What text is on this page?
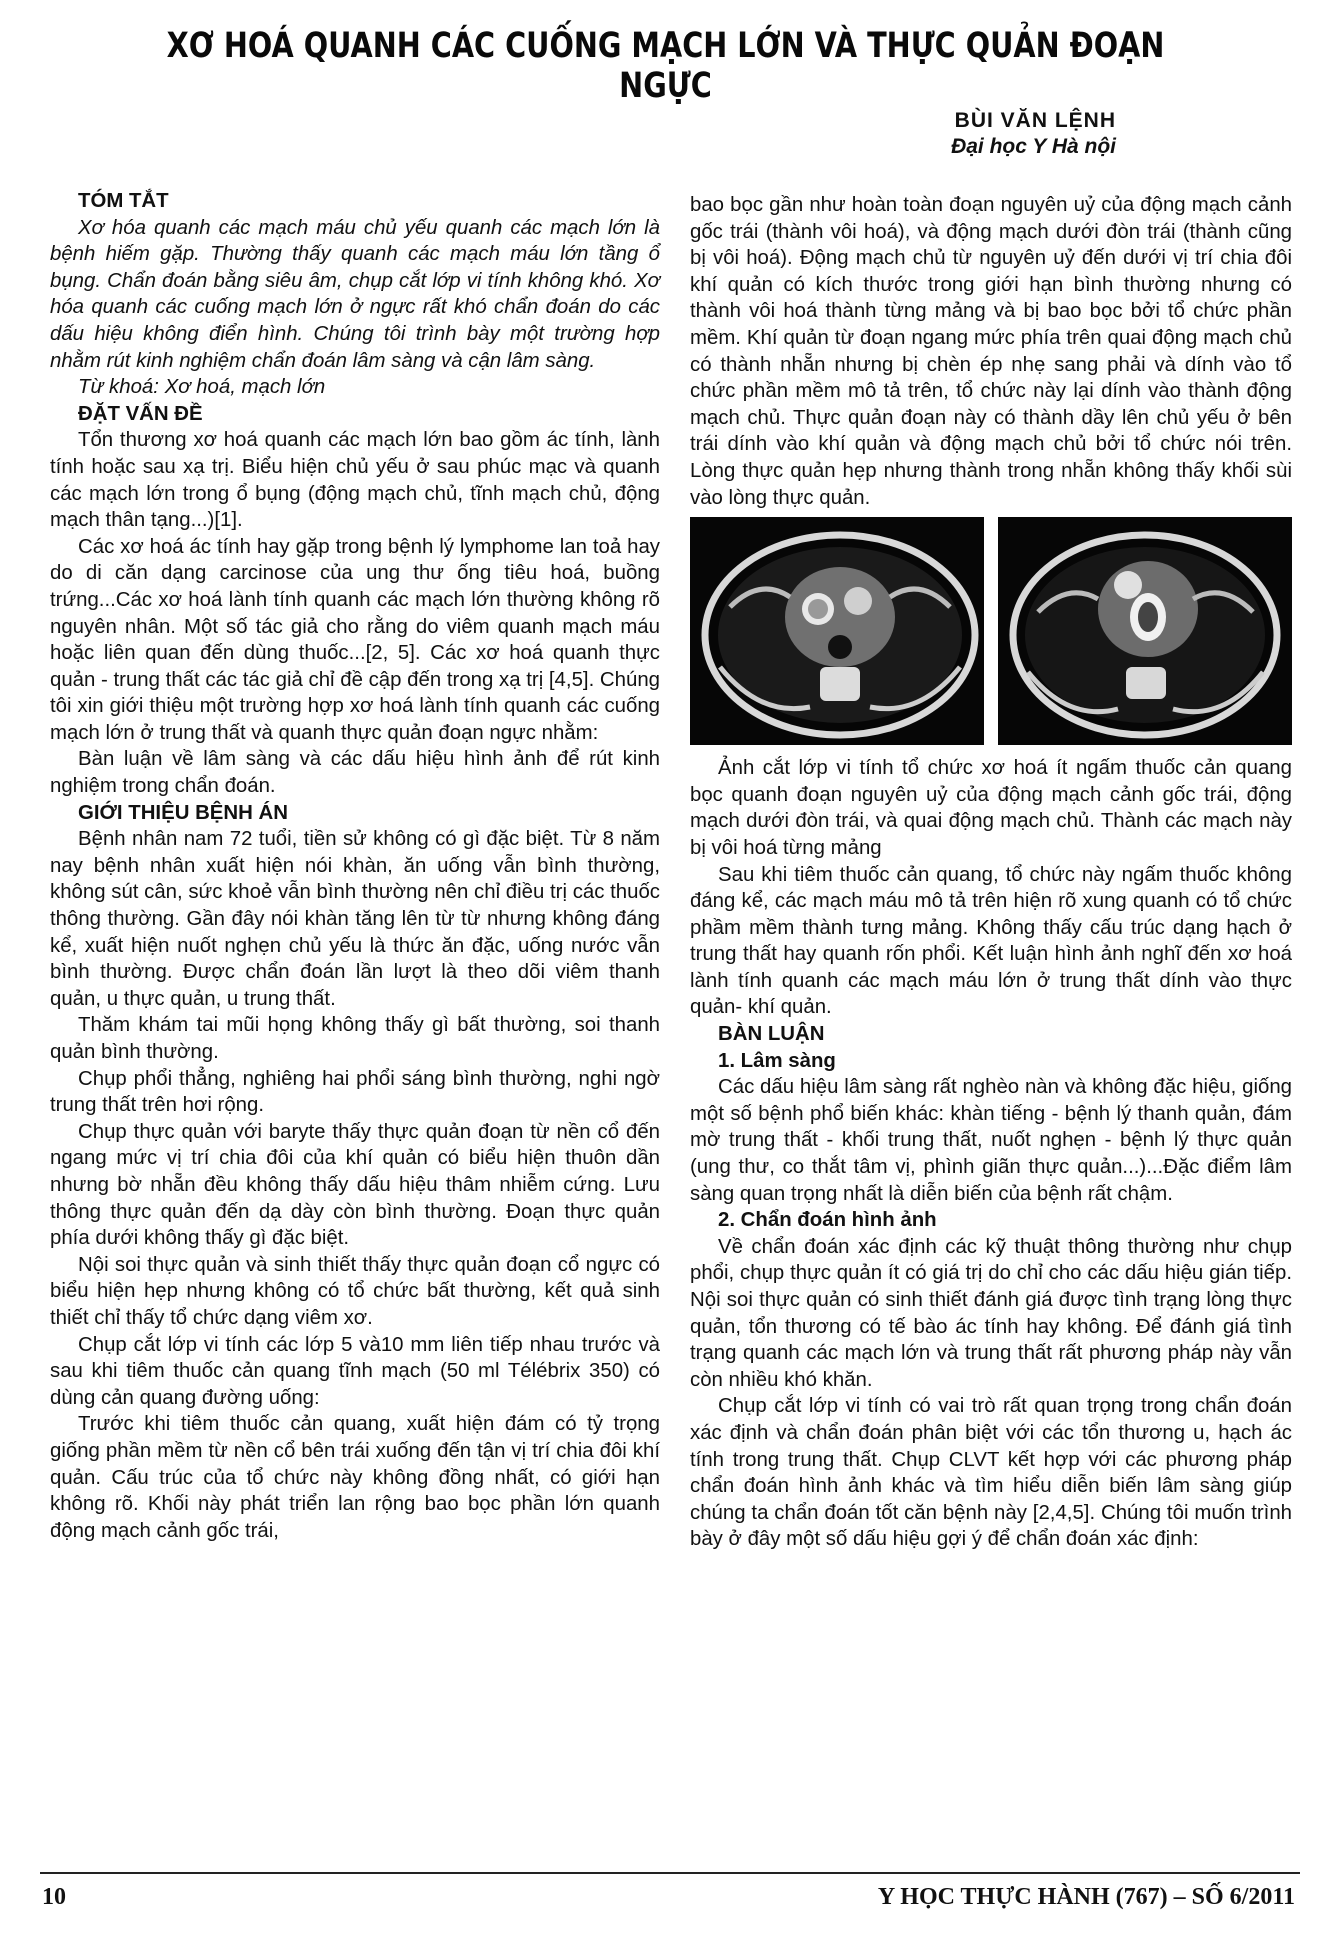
XƠ HOÁ QUANH CÁC CUỐNG MẠCH LỚN VÀ THỰC QUẢN ĐOẠN NGỰC
BÙI VĂN LỆNH
Đại học Y Hà nội

TÓM TẮT

Xơ hóa quanh các mạch máu chủ yếu quanh các mạch lớn là bệnh hiếm gặp. Thường thấy quanh các mạch máu lớn tầng ổ bụng. Chẩn đoán bằng siêu âm, chụp cắt lớp vi tính không khó. Xơ hóa quanh các cuống mạch lớn ở ngực rất khó chẩn đoán do các dấu hiệu không điển hình. Chúng tôi trình bày một trường hợp nhằm rút kinh nghiệm chẩn đoán lâm sàng và cận lâm sàng.

Từ khoá: Xơ hoá, mạch lớn

ĐẶT VẤN ĐỀ

Tổn thương xơ hoá quanh các mạch lớn bao gồm ác tính, lành tính hoặc sau xạ trị. Biểu hiện chủ yếu ở sau phúc mạc và quanh các mạch lớn trong ổ bụng (động mạch chủ, tĩnh mạch chủ, động mạch thân tạng...)[1].

Các xơ hoá ác tính hay gặp trong bệnh lý lymphome lan toả hay do di căn dạng carcinose của ung thư ống tiêu hoá, buồng trứng...Các xơ hoá lành tính quanh các mạch lớn thường không rõ nguyên nhân. Một số tác giả cho rằng do viêm quanh mạch máu hoặc liên quan đến dùng thuốc...[2, 5]. Các xơ hoá quanh thực quản - trung thất các tác giả chỉ đề cập đến trong xạ trị [4,5]. Chúng tôi xin giới thiệu một trường hợp xơ hoá lành tính quanh các cuống mạch lớn ở trung thất và quanh thực quản đoạn ngực nhằm:

Bàn luận về lâm sàng và các dấu hiệu hình ảnh để rút kinh nghiệm trong chẩn đoán.

GIỚI THIỆU BỆNH ÁN

Bệnh nhân nam 72 tuổi, tiền sử không có gì đặc biệt. Từ 8 năm nay bệnh nhân xuất hiện nói khàn, ăn uống vẫn bình thường, không sút cân, sức khoẻ vẫn bình thường nên chỉ điều trị các thuốc thông thường. Gần đây nói khàn tăng lên từ từ nhưng không đáng kể, xuất hiện nuốt nghẹn chủ yếu là thức ăn đặc, uống nước vẫn bình thường. Được chẩn đoán lần lượt là theo dõi viêm thanh quản, u thực quản, u trung thất.

Thăm khám tai mũi họng không thấy gì bất thường, soi thanh quản bình thường.

Chụp phổi thẳng, nghiêng hai phổi sáng bình thường, nghi ngờ trung thất trên hơi rộng.

Chụp thực quản với baryte thấy thực quản đoạn từ nền cổ đến ngang mức vị trí chia đôi của khí quản có biểu hiện thuôn dần nhưng bờ nhẵn đều không thấy dấu hiệu thâm nhiễm cứng. Lưu thông thực quản đến dạ dày còn bình thường. Đoạn thực quản phía dưới không thấy gì đặc biệt.

Nội soi thực quản và sinh thiết thấy thực quản đoạn cổ ngực có biểu hiện hẹp nhưng không có tổ chức bất thường, kết quả sinh thiết chỉ thấy tổ chức dạng viêm xơ.

Chụp cắt lớp vi tính các lớp 5 và10 mm liên tiếp nhau trước và sau khi tiêm thuốc cản quang tĩnh mạch (50 ml Télébrix 350) có dùng cản quang đường uống:

Trước khi tiêm thuốc cản quang, xuất hiện đám có tỷ trọng giống phần mềm từ nền cổ bên trái xuống đến tận vị trí chia đôi khí quản. Cấu trúc của tổ chức này không đồng nhất, có giới hạn không rõ. Khối này phát triển lan rộng bao bọc phần lớn quanh động mạch cảnh gốc trái,

bao bọc gần như hoàn toàn đoạn nguyên uỷ của động mạch cảnh gốc trái (thành vôi hoá), và động mạch dưới đòn trái (thành cũng bị vôi hoá). Động mạch chủ từ nguyên uỷ đến dưới vị trí chia đôi khí quản có kích thước trong giới hạn bình thường nhưng có thành vôi hoá thành từng mảng và bị bao bọc bởi tổ chức phần mềm. Khí quản từ đoạn ngang mức phía trên quai động mạch chủ có thành nhẵn nhưng bị chèn ép nhẹ sang phải và dính vào tổ chức phần mềm mô tả trên, tổ chức này lại dính vào thành động mạch chủ. Thực quản đoạn này có thành dầy lên chủ yếu ở bên trái dính vào khí quản và động mạch chủ bởi tổ chức nói trên. Lòng thực quản hẹp nhưng thành trong nhẵn không thấy khối sùi vào lòng thực quản.

Ảnh cắt lớp vi tính tổ chức xơ hoá ít ngấm thuốc cản quang bọc quanh đoạn nguyên uỷ của động mạch cảnh gốc trái, động mạch dưới đòn trái, và quai động mạch chủ. Thành các mạch này bị vôi hoá từng mảng

Sau khi tiêm thuốc cản quang, tổ chức này ngấm thuốc không đáng kể, các mạch máu mô tả trên hiện rõ xung quanh có tổ chức phầm mềm thành tưng mảng. Không thấy cấu trúc dạng hạch ở trung thất hay quanh rốn phổi. Kết luận hình ảnh nghĩ đến xơ hoá lành tính quanh các mạch máu lớn ở trung thất dính vào thực quản- khí quản.

BÀN LUẬN

1. Lâm sàng

Các dấu hiệu lâm sàng rất nghèo nàn và không đặc hiệu, giống một số bệnh phổ biến khác: khàn tiếng - bệnh lý thanh quản, đám mờ trung thất - khối trung thất, nuốt nghẹn - bệnh lý thực quản (ung thư, co thắt tâm vị, phình giãn thực quản...)...Đặc điểm lâm sàng quan trọng nhất là diễn biến của bệnh rất chậm.

2. Chẩn đoán hình ảnh

Về chẩn đoán xác định các kỹ thuật thông thường như chụp phổi, chụp thực quản ít có giá trị do chỉ cho các dấu hiệu gián tiếp. Nội soi thực quản có sinh thiết đánh giá được tình trạng lòng thực quản, tổn thương có tế bào ác tính hay không. Để đánh giá tình trạng quanh các mạch lớn và trung thất rất phương pháp này vẫn còn nhiều khó khăn.

Chụp cắt lớp vi tính có vai trò rất quan trọng trong chẩn đoán xác định và chẩn đoán phân biệt với các tổn thương u, hạch ác tính trong trung thất. Chụp CLVT kết hợp với các phương pháp chẩn đoán hình ảnh khác và tìm hiểu diễn biến lâm sàng giúp chúng ta chẩn đoán tốt căn bệnh này [2,4,5]. Chúng tôi muốn trình bày ở đây một số dấu hiệu gợi ý để chẩn đoán xác định:

10	Y HỌC THỰC HÀNH (767) – SỐ 6/2011
